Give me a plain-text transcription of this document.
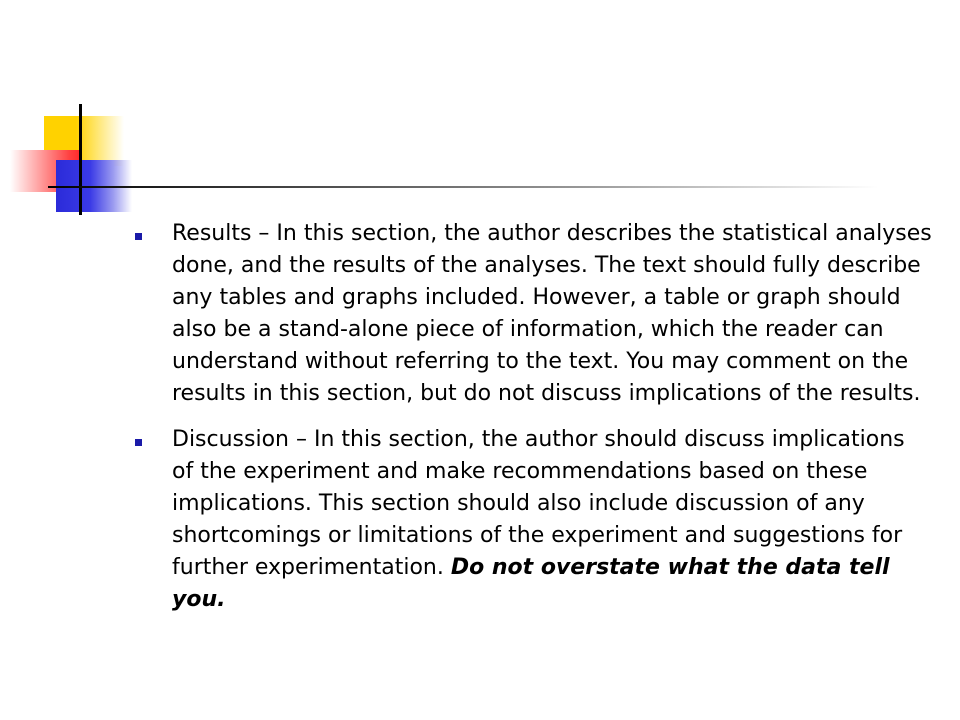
Results – In this section, the author describes the statistical analyses done, and the results of the analyses. The text should fully describe any tables and graphs included. However, a table or graph should also be a stand-alone piece of information, which the reader can understand without referring to the text. You may comment on the results in this section, but do not discuss implications of the results.
Discussion – In this section, the author should discuss implications of the experiment and make recommendations based on these implications. This section should also include discussion of any shortcomings or limitations of the experiment and suggestions for further experimentation. Do not overstate what the data tell you.
